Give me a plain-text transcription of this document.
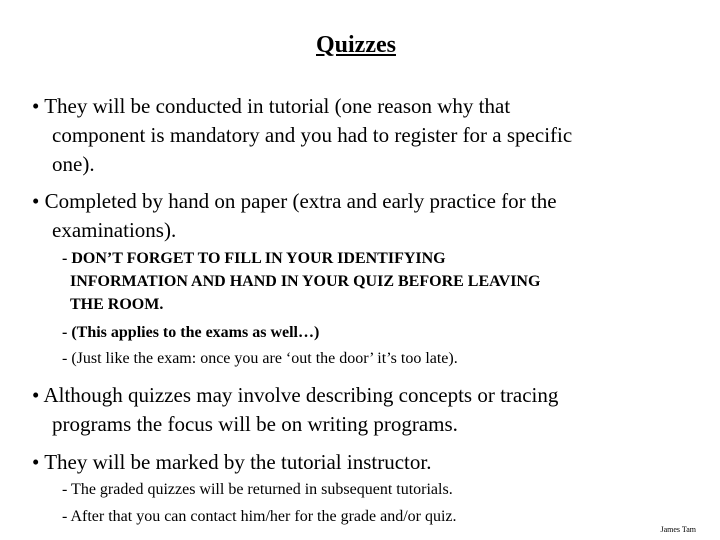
Quizzes
• They will be conducted in tutorial (one reason why that
component is mandatory and you had to register for a specific
one).
• Completed by hand on paper (extra and early practice for the
examinations).
- DON’T FORGET TO FILL IN YOUR IDENTIFYING
INFORMATION AND HAND IN YOUR QUIZ BEFORE LEAVING
THE ROOM.
- (This applies to the exams as well…)
- (Just like the exam: once you are ‘out the door’ it’s too late).
• Although quizzes may involve describing concepts or tracing
programs the focus will be on writing programs.
• They will be marked by the tutorial instructor.
- The graded quizzes will be returned in subsequent tutorials.
- After that you can contact him/her for the grade and/or quiz.
James Tam
